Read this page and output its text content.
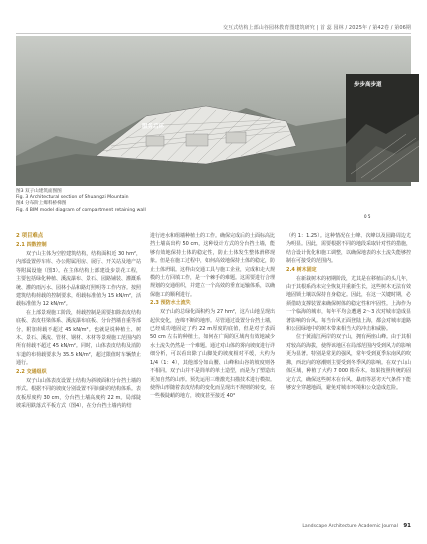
交互式结构上部山谷园林教育图建筑研究 | 首 蕊 园林 / 2025年 / 第42卷 / 第06期
服务后环
步步高步道
0 5

图3 双子山建筑面图图

Fig. 3 Architectural section of Shuangzi Mountain

图4 分布阶上爆料桥梯图

Fig. 4 BIM model diagram of compartment retaining wall

2 项目难点
2.1 四数控制

双子山主体为空腔建筑结构，结构面积近 30 hm²，内部设置停车库、办公附属用房、展厅、开关站及地产站等附属设施（图3）。在主体结构上部建设步景花工程，主要包括绿化种植、溪流瀑布、景石、园路铺装、灌溉系统、灌的雨污水、园林小品和路灯照明等工作内容。按照建筑结构荷载的控制要求，组载标准值为 15 kN/m²，活载标准值为 12 kN/m²。

在上部景观施工阶段，荷载控制是需要扣除表皮结构底板、表皮柱梁体系、溪流瀑布底板、分台挡墙自重等部分，附加荷载不超过 45 kN/m²。也就是说种植土、树木、景石、溪流、管材、钢材、木材等景观施工范围内的所有荷载不超过 45 kN/m²。同时，山体表皮结构及消防车道的布荷载要求为 35.5 kN/m²，超过限值时车辆禁止通行。

2.2 交通组织

双子山山体表皮设置土结构为斜坡面和分台挡土墙的形式。根据不同的坡度分别设置不同间距的结构体系。表皮板厚度约 30 cm，分台挡土墙高度约 22 m。局部陡坡采用跌落式平板方式（图4），在分台挡土墙内的结

进行迹水和组墙种植土的工作。确保完成后的土面标高比挡土墙高出约 50 cm，这种设计方式的分台挡土墙，能够有效地保持土体的稳定性，防止土体发生整体滑移现象。但是在施工过程中，如何高效地保持土体的稳定，防止土体坍塌。这样由交通工具与施工企业，完成和走大规模的土方回填工作，是一个棘手的难题。这需要进行合理规划的交通组织，并建立一个高效的垂直运输体系，以确保施工的顺利进行。

2.3 预防水土流失

双子山的总绿化面积约为 27 hm²，这片山地呈现出起伏变化，连绵不断的地形。尽管通过设置分台挡土墙，已经成功地固定了约 22 m厚度的底值，但是对于表面 50 cm 左右的种植土，如何在广阔的区域内有效地减少水土流失仍然是一个难题。通过对山体的雾向坡度进行详细分析，可以看出除了山脚处的坡度相对平缓，大约为 1/4（1：4），其他部分如山腰、山峰和山谷的坡度则各不相同。双子山并不是简单的单土造型，而是为了塑造出更加自然的山形。预先运用三维激光扫描技术进行模拟。使得山形随着表皮结构的变化而呈现出不规则的转变，在一些极陡峭的地方，坡度甚至接近 40°

（约 1：1.25）。这种情况在土峰、次峰以及园路周边尤为明显。因此，需要根据不同的地段采取针对性的措施，结合设计优化和施工调整，以确保地表的水土流失能够控制在可接受的范围内。

2.4 树木固定

在新栽树木的初期阶段，尤其是在移植后的头几年，由于其根系尚未完全恢复并重新生长，这些树木无法有效地固锁土壤以保持自身稳定。因此，在这一关键时期，必须借助支撑装置来确保树体的稳定性和牢固性。上海作为一个临海的城市，每年平均会遭遇 2～3 次对城市造成显著影响的台风。每当台风正面登陆上海，都会对城市道路和公园绿地中的树木带来相当大的冲击和威胁。

位于黄浦江两岸的双子山，拥有两座山峰。由于其相对较高的海拔，使得该地区在局部范围内受到风力的影响更为显著。特别是常见的强风，常年受到夏季东南风的吹拂，西北向的寒潮则主要受到冬季风的影响。在双子山山体区域，种植了大约 7 000 株乔木。如果按照传统的固定方式，确保这些树木在台风、暴雨等恶劣天气条件下能够安全穿越地面，避免对城市环境和公众造成危险。

Landscape Architecture Academic Journal 91
